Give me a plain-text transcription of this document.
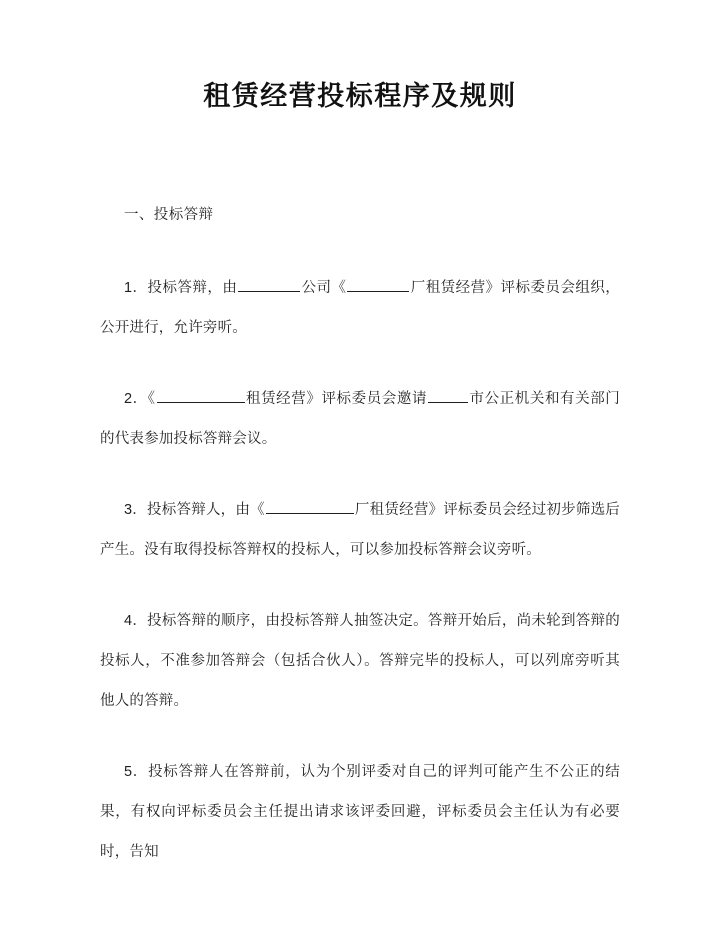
租赁经营投标程序及规则

一、投标答辩

1．投标答辩，由	公司《	厂租赁经营》评标委员会组织，公开进行，允许旁听。

2．《	租赁经营》评标委员会邀请	市公正机关和有关部门的代表参加投标答辩会议。

3．投标答辩人，由《	厂租赁经营》评标委员会经过初步筛选后产生。没有取得投标答辩权的投标人，可以参加投标答辩会议旁听。

4．投标答辩的顺序，由投标答辩人抽签决定。答辩开始后，尚未轮到答辩的投标人，不准参加答辩会（包括合伙人）。答辩完毕的投标人，可以列席旁听其他人的答辩。

5．投标答辩人在答辩前，认为个别评委对自己的评判可能产生不公正的结果，有权向评标委员会主任提出请求该评委回避，评标委员会主任认为有必要时，告知
